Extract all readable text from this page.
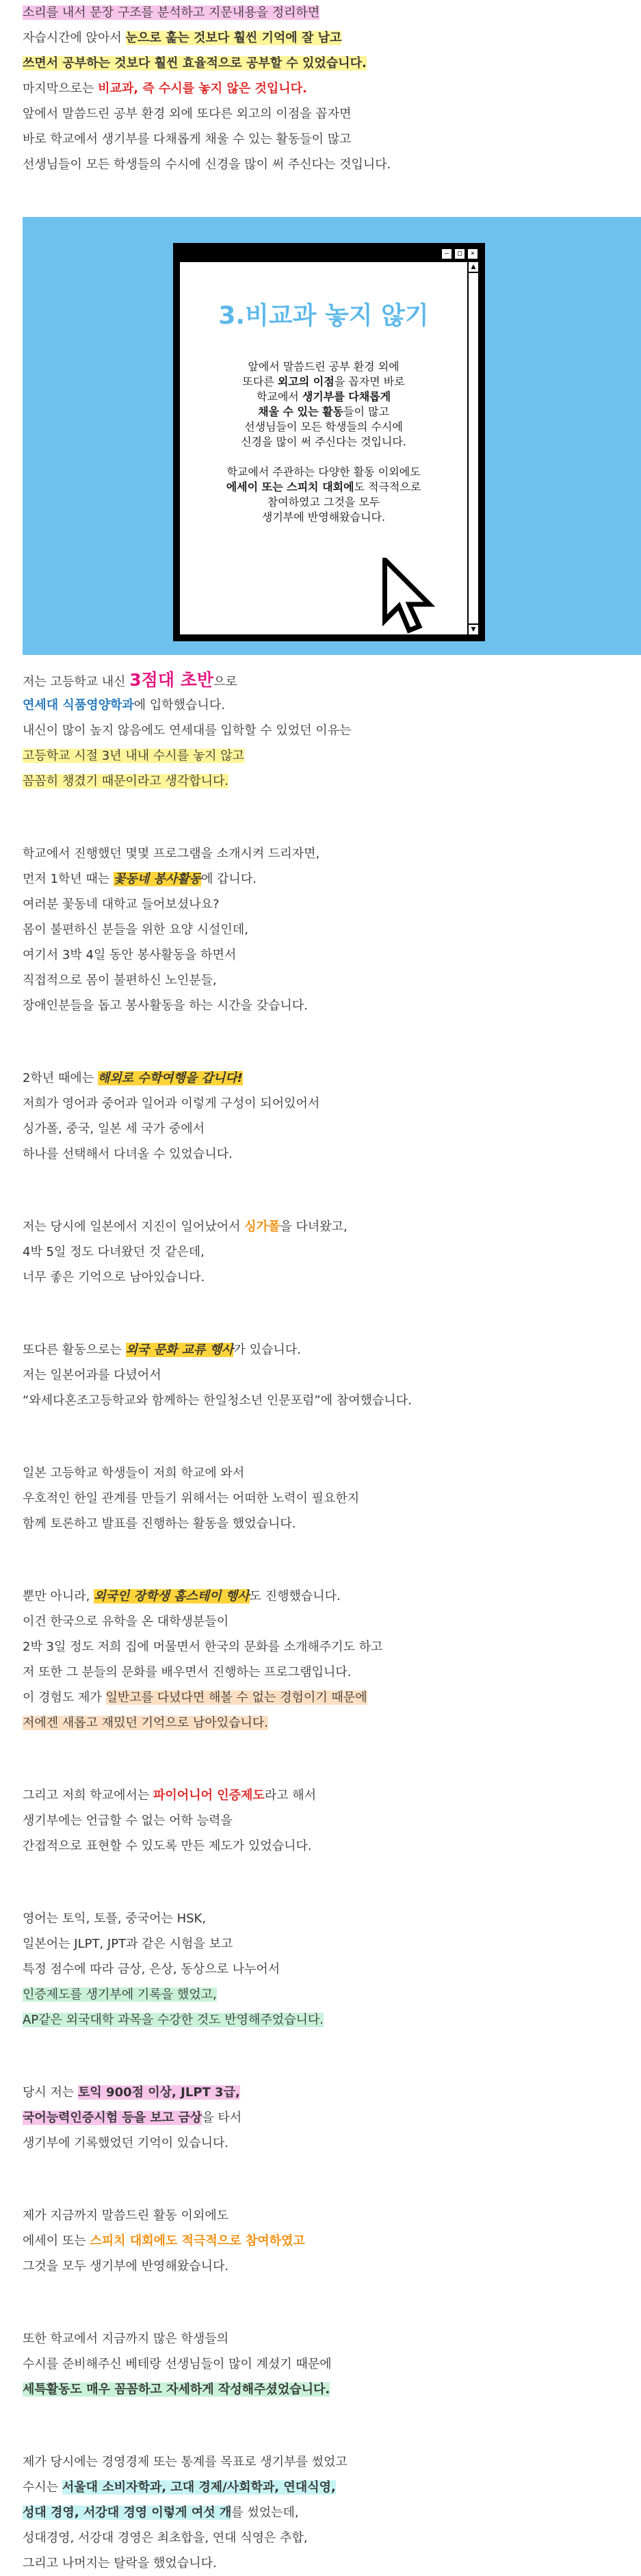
소리를 내서 문장 구조를 분석하고 지문내용을 정리하면

자습시간에 앉아서 눈으로 훑는 것보다 훨씬 기억에 잘 남고

쓰면서 공부하는 것보다 훨씬 효율적으로 공부할 수 있었습니다.

마지막으로는 비교과, 즉 수시를 놓지 않은 것입니다.

앞에서 말씀드린 공부 환경 외에 또다른 외고의 이점을 꼽자면

바로 학교에서 생기부를 다채롭게 채울 수 있는 활동들이 많고

선생님들이 모든 학생들의 수시에 신경을 많이 써 주신다는 것입니다.

–	□	×
3.비교과 놓지 않기

앞에서 말씀드린 공부 환경 외에

또다른 외고의 이점을 꼽자면 바로

학교에서 생기부를 다채롭게

채울 수 있는 활동들이 많고

선생님들이 모든 학생들의 수시에

신경을 많이 써 주신다는 것입니다.

학교에서 주관하는 다양한 활동 이외에도

에세이 또는 스피치 대회에도 적극적으로

참여하였고 그것을 모두

생기부에 반영해왔습니다.

▲
▼

저는 고등학교 내신 3점대 초반으로

연세대 식품영양학과에 입학했습니다.

내신이 많이 높지 않음에도 연세대를 입학할 수 있었던 이유는

고등학교 시절 3년 내내 수시를 놓지 않고

꼼꼼히 챙겼기 때문이라고 생각합니다.

학교에서 진행했던 몇몇 프로그램을 소개시켜 드리자면,

먼저 1학년 때는 꽃동네 봉사활동에 갑니다.

여러분 꽃동네 대학교 들어보셨나요?

몸이 불편하신 분들을 위한 요양 시설인데,

여기서 3박 4일 동안 봉사활동을 하면서

직접적으로 몸이 불편하신 노인분들,

장애인분들을 돕고 봉사활동을 하는 시간을 갖습니다.

2학년 때에는 해외로 수학여행을 갑니다!

저희가 영어과 중어과 일어과 이렇게 구성이 되어있어서

싱가폴, 중국, 일본 세 국가 중에서

하나를 선택해서 다녀올 수 있었습니다.

저는 당시에 일본에서 지진이 일어났어서 싱가폴을 다녀왔고,

4박 5일 정도 다녀왔던 것 같은데,

너무 좋은 기억으로 남아있습니다.

또다른 활동으로는 외국 문화 교류 행사가 있습니다.

저는 일본어과를 다녔어서

“와세다혼조고등학교와 함께하는 한일청소년 인문포럼”에 참여했습니다.

일본 고등학교 학생들이 저희 학교에 와서

우호적인 한일 관계를 만들기 위해서는 어떠한 노력이 필요한지

함께 토론하고 발표를 진행하는 활동을 했었습니다.

뿐만 아니라, 외국인 장학생 홈스테이 행사도 진행했습니다.

이건 한국으로 유학을 온 대학생분들이

2박 3일 정도 저희 집에 머물면서 한국의 문화를 소개해주기도 하고

저 또한 그 분들의 문화를 배우면서 진행하는 프로그램입니다.

이 경험도 제가 일반고를 다녔다면 해볼 수 없는 경험이기 때문에

저에겐 새롭고 재밌던 기억으로 남아있습니다.

그리고 저희 학교에서는 파이어니어 인증제도라고 해서

생기부에는 언급할 수 없는 어학 능력을

간접적으로 표현할 수 있도록 만든 제도가 있었습니다.

영어는 토익, 토플, 중국어는 HSK,

일본어는 JLPT, JPT과 같은 시험을 보고

특정 점수에 따라 금상, 은상, 동상으로 나누어서

인증제도를 생기부에 기록을 했었고,

AP같은 외국대학 과목을 수강한 것도 반영해주었습니다.

당시 저는 토익 900점 이상, JLPT 3급,

국어능력인증시험 등을 보고 금상을 타서

생기부에 기록했었던 기억이 있습니다.

제가 지금까지 말씀드린 활동 이외에도

에세이 또는 스피치 대회에도 적극적으로 참여하였고

그것을 모두 생기부에 반영해왔습니다.

또한 학교에서 지금까지 많은 학생들의

수시를 준비해주신 베테랑 선생님들이 많이 계셨기 때문에

세특활동도 매우 꼼꼼하고 자세하게 작성해주셨었습니다.

제가 당시에는 경영경제 또는 통계를 목표로 생기부를 썼었고

수시는 서울대 소비자학과, 고대 경제/사회학과, 연대식영,

성대 경영, 서강대 경영 이렇게 여섯 개를 썼었는데,

성대경영, 서강대 경영은 최초합을, 연대 식영은 추합,

그리고 나머지는 탈락을 했었습니다.
